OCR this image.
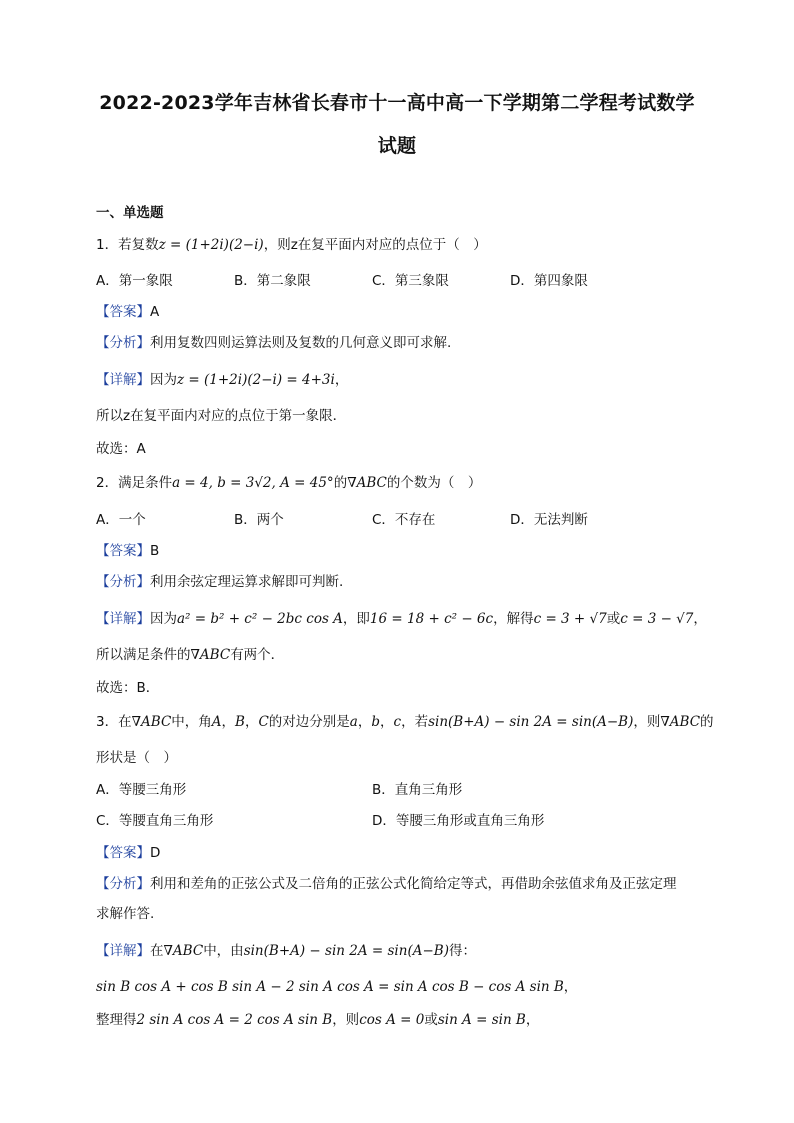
2022-2023学年吉林省长春市十一高中高一下学期第二学程考试数学
试题
一、单选题
1．若复数z = (1+2i)(2−i)，则z在复平面内对应的点位于（　）
A．第一象限	B．第二象限	C．第三象限	D．第四象限
【答案】A
【分析】利用复数四则运算法则及复数的几何意义即可求解.
【详解】因为z = (1+2i)(2−i) = 4+3i，
所以z在复平面内对应的点位于第一象限．
故选：A
2．满足条件a = 4, b = 3√2, A = 45°的∇ABC的个数为（　）
A．一个	B．两个	C．不存在	D．无法判断
【答案】B
【分析】利用余弦定理运算求解即可判断.
【详解】因为a² = b² + c² − 2bc cos A，即16 = 18 + c² − 6c，解得c = 3 + √7或c = 3 − √7，
所以满足条件的∇ABC有两个．
故选：B．
3．在∇ABC中，角A，B，C的对边分别是a，b，c，若sin(B+A) − sin 2A = sin(A−B)，则∇ABC的
形状是（　）
A．等腰三角形	B．直角三角形
C．等腰直角三角形	D．等腰三角形或直角三角形
【答案】D
【分析】利用和差角的正弦公式及二倍角的正弦公式化简给定等式，再借助余弦值求角及正弦定理
求解作答.
【详解】在∇ABC中，由sin(B+A) − sin 2A = sin(A−B)得：
sin B cos A + cos B sin A − 2 sin A cos A = sin A cos B − cos A sin B，
整理得2 sin A cos A = 2 cos A sin B，则cos A = 0或sin A = sin B，
